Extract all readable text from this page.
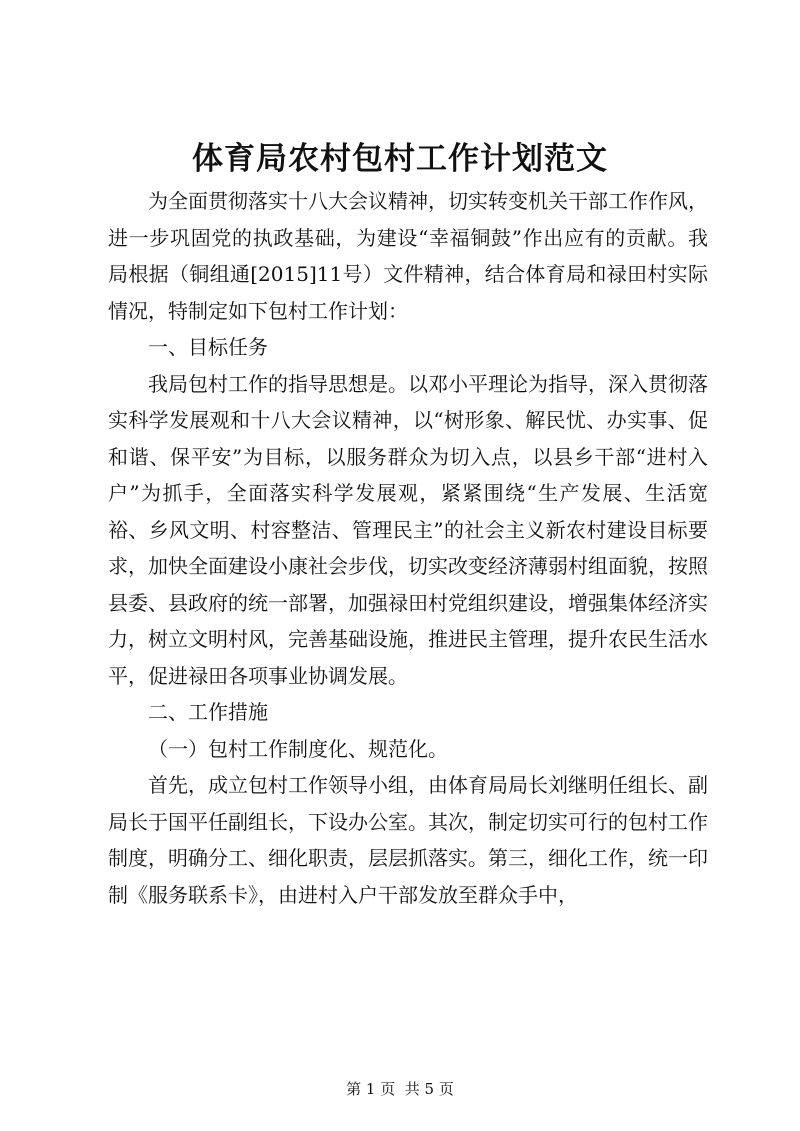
体育局农村包村工作计划范文

为全面贯彻落实十八大会议精神，切实转变机关干部工作作风，进一步巩固党的执政基础，为建设“幸福铜鼓”作出应有的贡献。我局根据（铜组通[2015]11号）文件精神，结合体育局和禄田村实际情况，特制定如下包村工作计划：

一、目标任务

我局包村工作的指导思想是。以邓小平理论为指导，深入贯彻落实科学发展观和十八大会议精神，以“树形象、解民忧、办实事、促和谐、保平安”为目标，以服务群众为切入点，以县乡干部“进村入户”为抓手，全面落实科学发展观，紧紧围绕“生产发展、生活宽裕、乡风文明、村容整洁、管理民主”的社会主义新农村建设目标要求，加快全面建设小康社会步伐，切实改变经济薄弱村组面貌，按照县委、县政府的统一部署，加强禄田村党组织建设，增强集体经济实力，树立文明村风，完善基础设施，推进民主管理，提升农民生活水平，促进禄田各项事业协调发展。

二、工作措施

（一）包村工作制度化、规范化。

首先，成立包村工作领导小组，由体育局局长刘继明任组长、副局长于国平任副组长，下设办公室。其次，制定切实可行的包村工作制度，明确分工、细化职责，层层抓落实。第三，细化工作，统一印制《服务联系卡》，由进村入户干部发放至群众手中，

第 1 页  共 5 页
